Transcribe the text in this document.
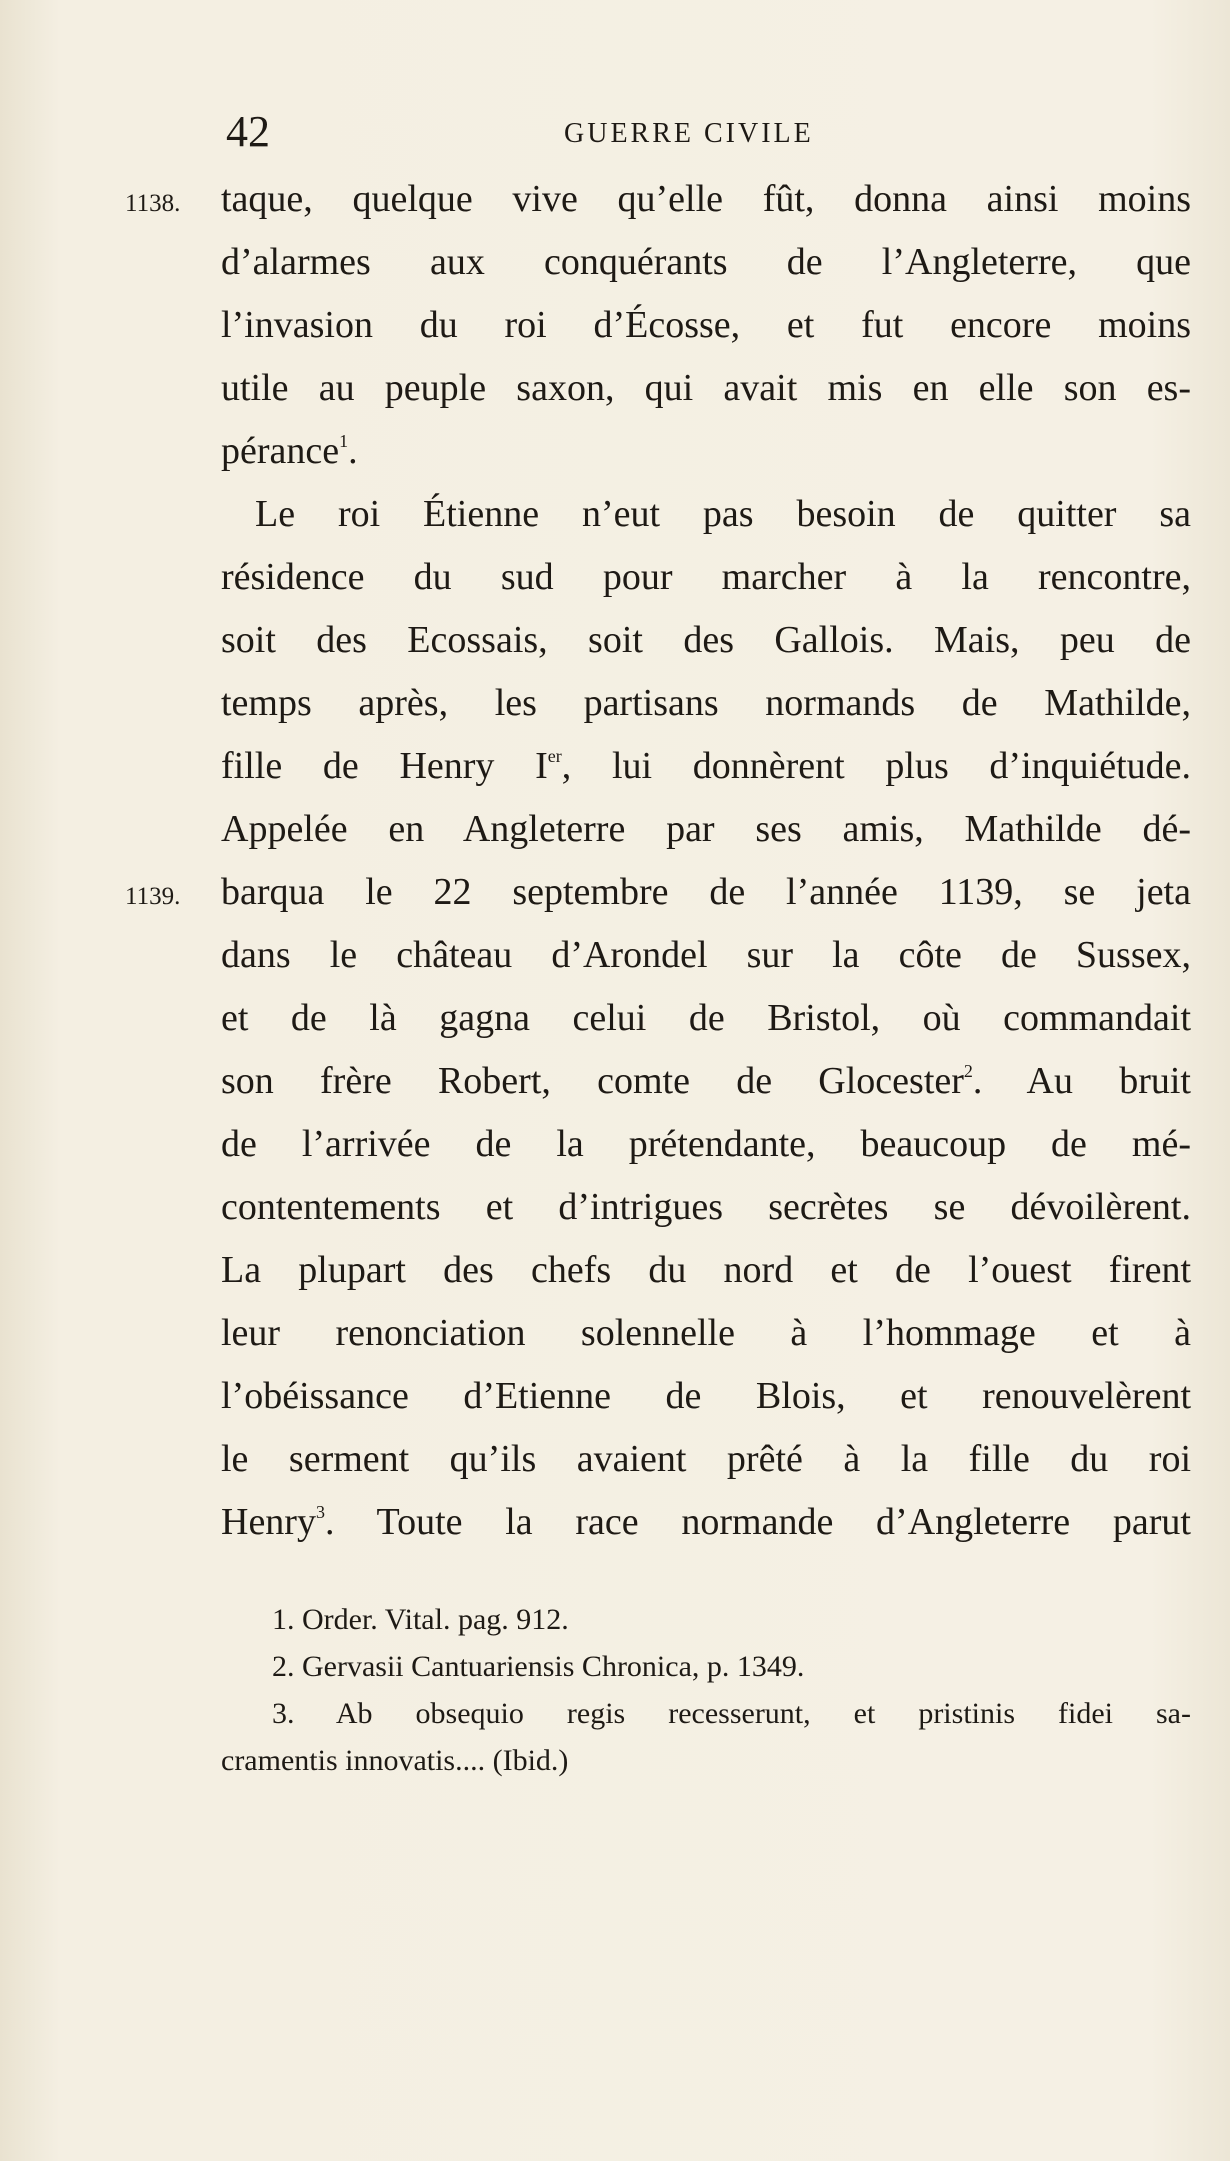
42	GUERRE CIVILE
1138. taque, quelque vive qu’elle fût, donna ainsi moins
d’alarmes aux conquérants de l’Angleterre, que
l’invasion du roi d’Écosse, et fut encore moins
utile au peuple saxon, qui avait mis en elle son es-
pérance$^1$.
Le roi Étienne n’eut pas besoin de quitter sa
résidence du sud pour marcher à la rencontre,
soit des Ecossais, soit des Gallois. Mais, peu de
temps après, les partisans normands de Mathilde,
fille de Henry Ier, lui donnèrent plus d’inquiétude.
Appelée en Angleterre par ses amis, Mathilde dé-
1139. barqua le 22 septembre de l’année 1139, se jeta
dans le château d’Arondel sur la côte de Sussex,
et de là gagna celui de Bristol, où commandait
son frère Robert, comte de Glocester$^2$. Au bruit
de l’arrivée de la prétendante, beaucoup de mé-
contentements et d’intrigues secrètes se dévoilèrent.
La plupart des chefs du nord et de l’ouest firent
leur renonciation solennelle à l’hommage et à
l’obéissance d’Etienne de Blois, et renouvelèrent
le serment qu’ils avaient prêté à la fille du roi
Henry$^3$. Toute la race normande d’Angleterre parut
1. Order. Vital. pag. 912.
2. Gervasii Cantuariensis Chronica, p. 1349.
3. Ab obsequio regis recesserunt, et pristinis fidei sa-
cramentis innovatis.... (Ibid.)
